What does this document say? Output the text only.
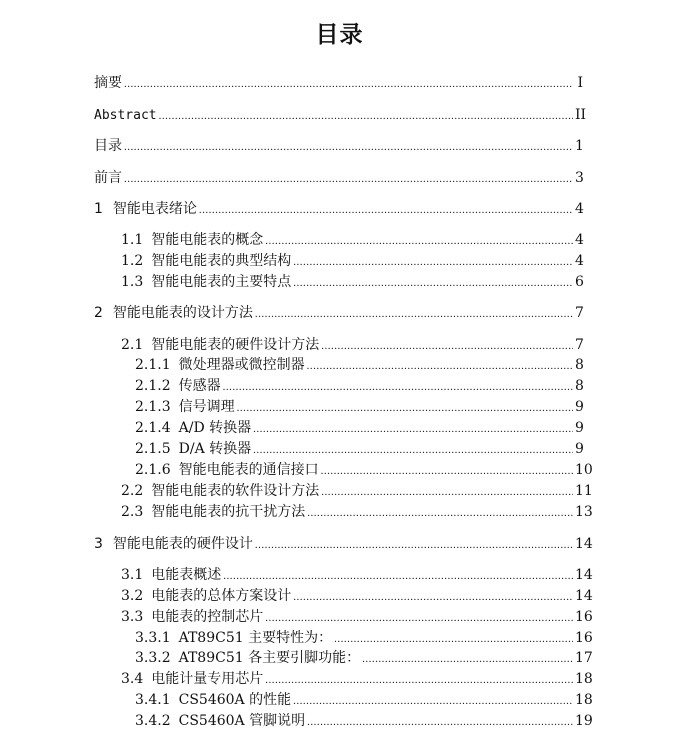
目录
摘要 .....	I
Abstract .....	II
目录 .....	1
前言 .....	3
1 智能电表绪论 .....	4
1.1 智能电能表的概念 .....	4
1.2 智能电能表的典型结构 .....	4
1.3 智能电能表的主要特点 .....	6
2 智能电能表的设计方法 .....	7
2.1 智能电能表的硬件设计方法 .....	7
2.1.1 微处理器或微控制器 .....	8
2.1.2 传感器 .....	8
2.1.3 信号调理 .....	9
2.1.4 A/D 转换器 .....	9
2.1.5 D/A 转换器 .....	9
2.1.6 智能电能表的通信接口 .....	10
2.2 智能电能表的软件设计方法 .....	11
2.3 智能电能表的抗干扰方法 .....	13
3 智能电能表的硬件设计 .....	14
3.1 电能表概述 .....	14
3.2 电能表的总体方案设计 .....	14
3.3 电能表的控制芯片 .....	16
3.3.1 AT89C51 主要特性为： .....	16
3.3.2 AT89C51 各主要引脚功能： .....	17
3.4 电能计量专用芯片 .....	18
3.4.1 CS5460A 的性能 .....	18
3.4.2 CS5460A 管脚说明 .....	19
